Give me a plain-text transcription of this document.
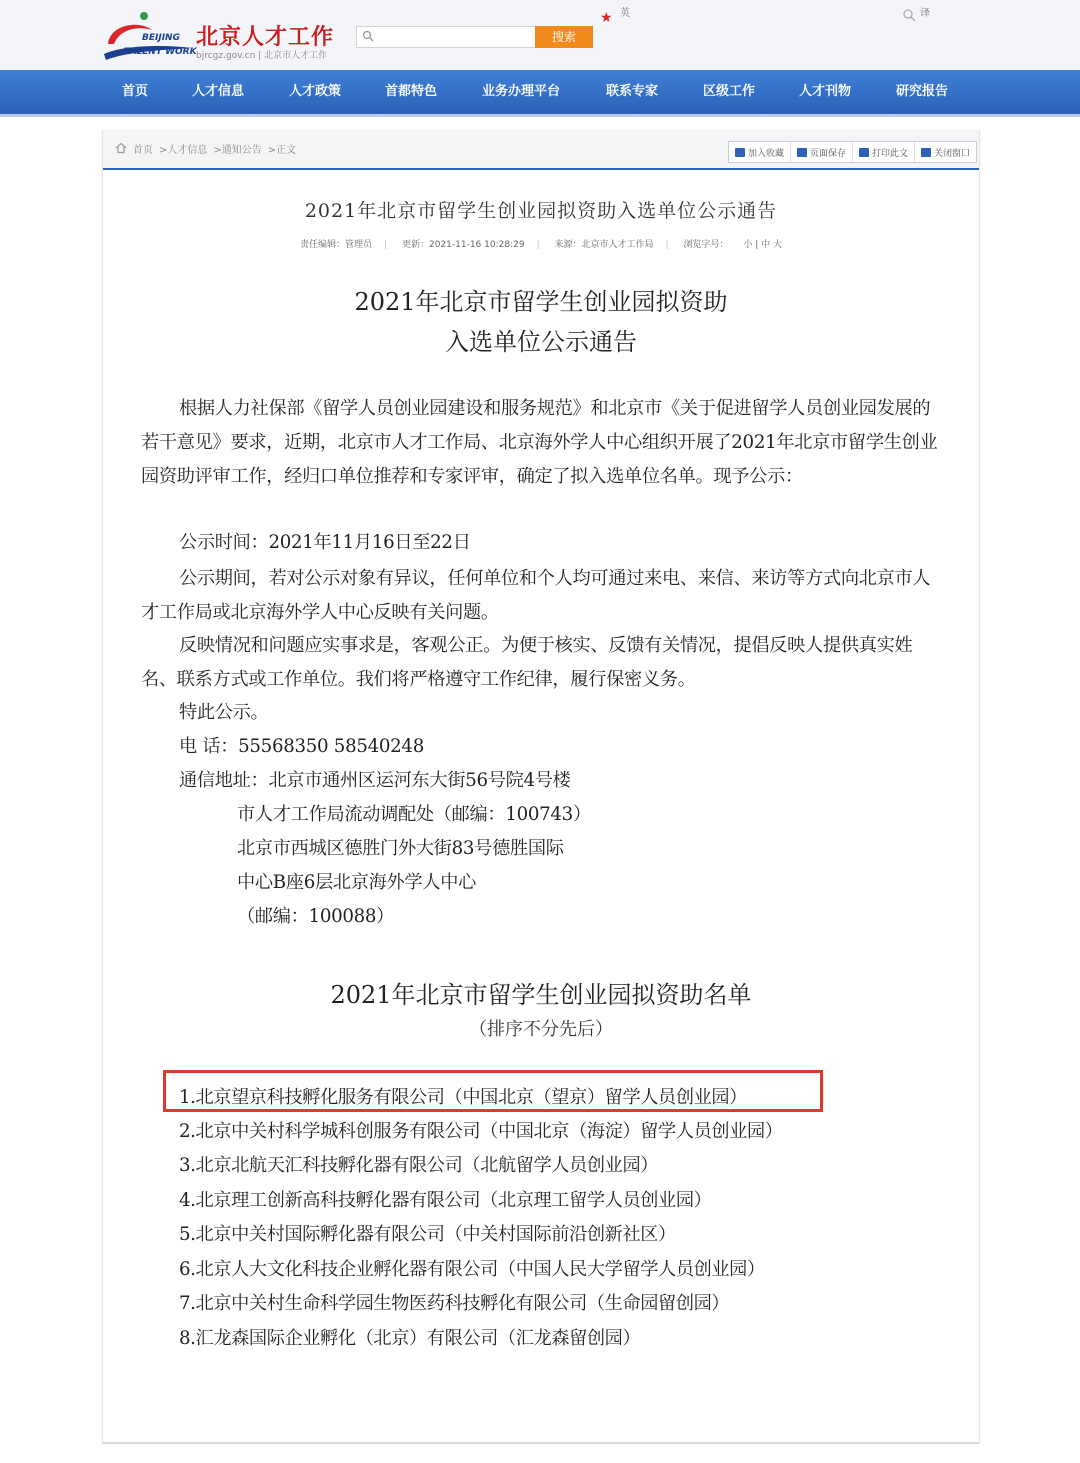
BEIJING
TALENT WORK
北京人才工作
bjrcgz.gov.cn | 北京市人才工作
搜索
★ 英	译
首页	人才信息	人才政策	首都特色	业务办理平台	联系专家	区级工作	人才刊物	研究报告
首页 >人才信息 >通知公告 >正文	加入收藏	页面保存	打印此文	关闭窗口
2021年北京市留学生创业园拟资助入选单位公示通告
责任编辑：管理员 | 更新：2021-11-16 10:28:29 | 来源：北京市人才工作局 | 浏览字号： 小 | 中 大
2021年北京市留学生创业园拟资助
入选单位公示通告
根据人力社保部《留学人员创业园建设和服务规范》和北京市《关于促进留学人员创业园发展的若干意见》要求，近期，北京市人才工作局、北京海外学人中心组织开展了2021年北京市留学生创业园资助评审工作，经归口单位推荐和专家评审，确定了拟入选单位名单。现予公示：
公示时间：2021年11月16日至22日
公示期间，若对公示对象有异议，任何单位和个人均可通过来电、来信、来访等方式向北京市人才工作局或北京海外学人中心反映有关问题。
反映情况和问题应实事求是，客观公正。为便于核实、反馈有关情况，提倡反映人提供真实姓名、联系方式或工作单位。我们将严格遵守工作纪律，履行保密义务。
特此公示。
电 话：55568350 58540248
通信地址：北京市通州区运河东大街56号院4号楼
市人才工作局流动调配处（邮编：100743）
北京市西城区德胜门外大街83号德胜国际
中心B座6层北京海外学人中心
（邮编：100088）
2021年北京市留学生创业园拟资助名单
（排序不分先后）
1.北京望京科技孵化服务有限公司（中国北京（望京）留学人员创业园）
2.北京中关村科学城科创服务有限公司（中国北京（海淀）留学人员创业园）
3.北京北航天汇科技孵化器有限公司（北航留学人员创业园）
4.北京理工创新高科技孵化器有限公司（北京理工留学人员创业园）
5.北京中关村国际孵化器有限公司（中关村国际前沿创新社区）
6.北京人大文化科技企业孵化器有限公司（中国人民大学留学人员创业园）
7.北京中关村生命科学园生物医药科技孵化有限公司（生命园留创园）
8.汇龙森国际企业孵化（北京）有限公司（汇龙森留创园）
